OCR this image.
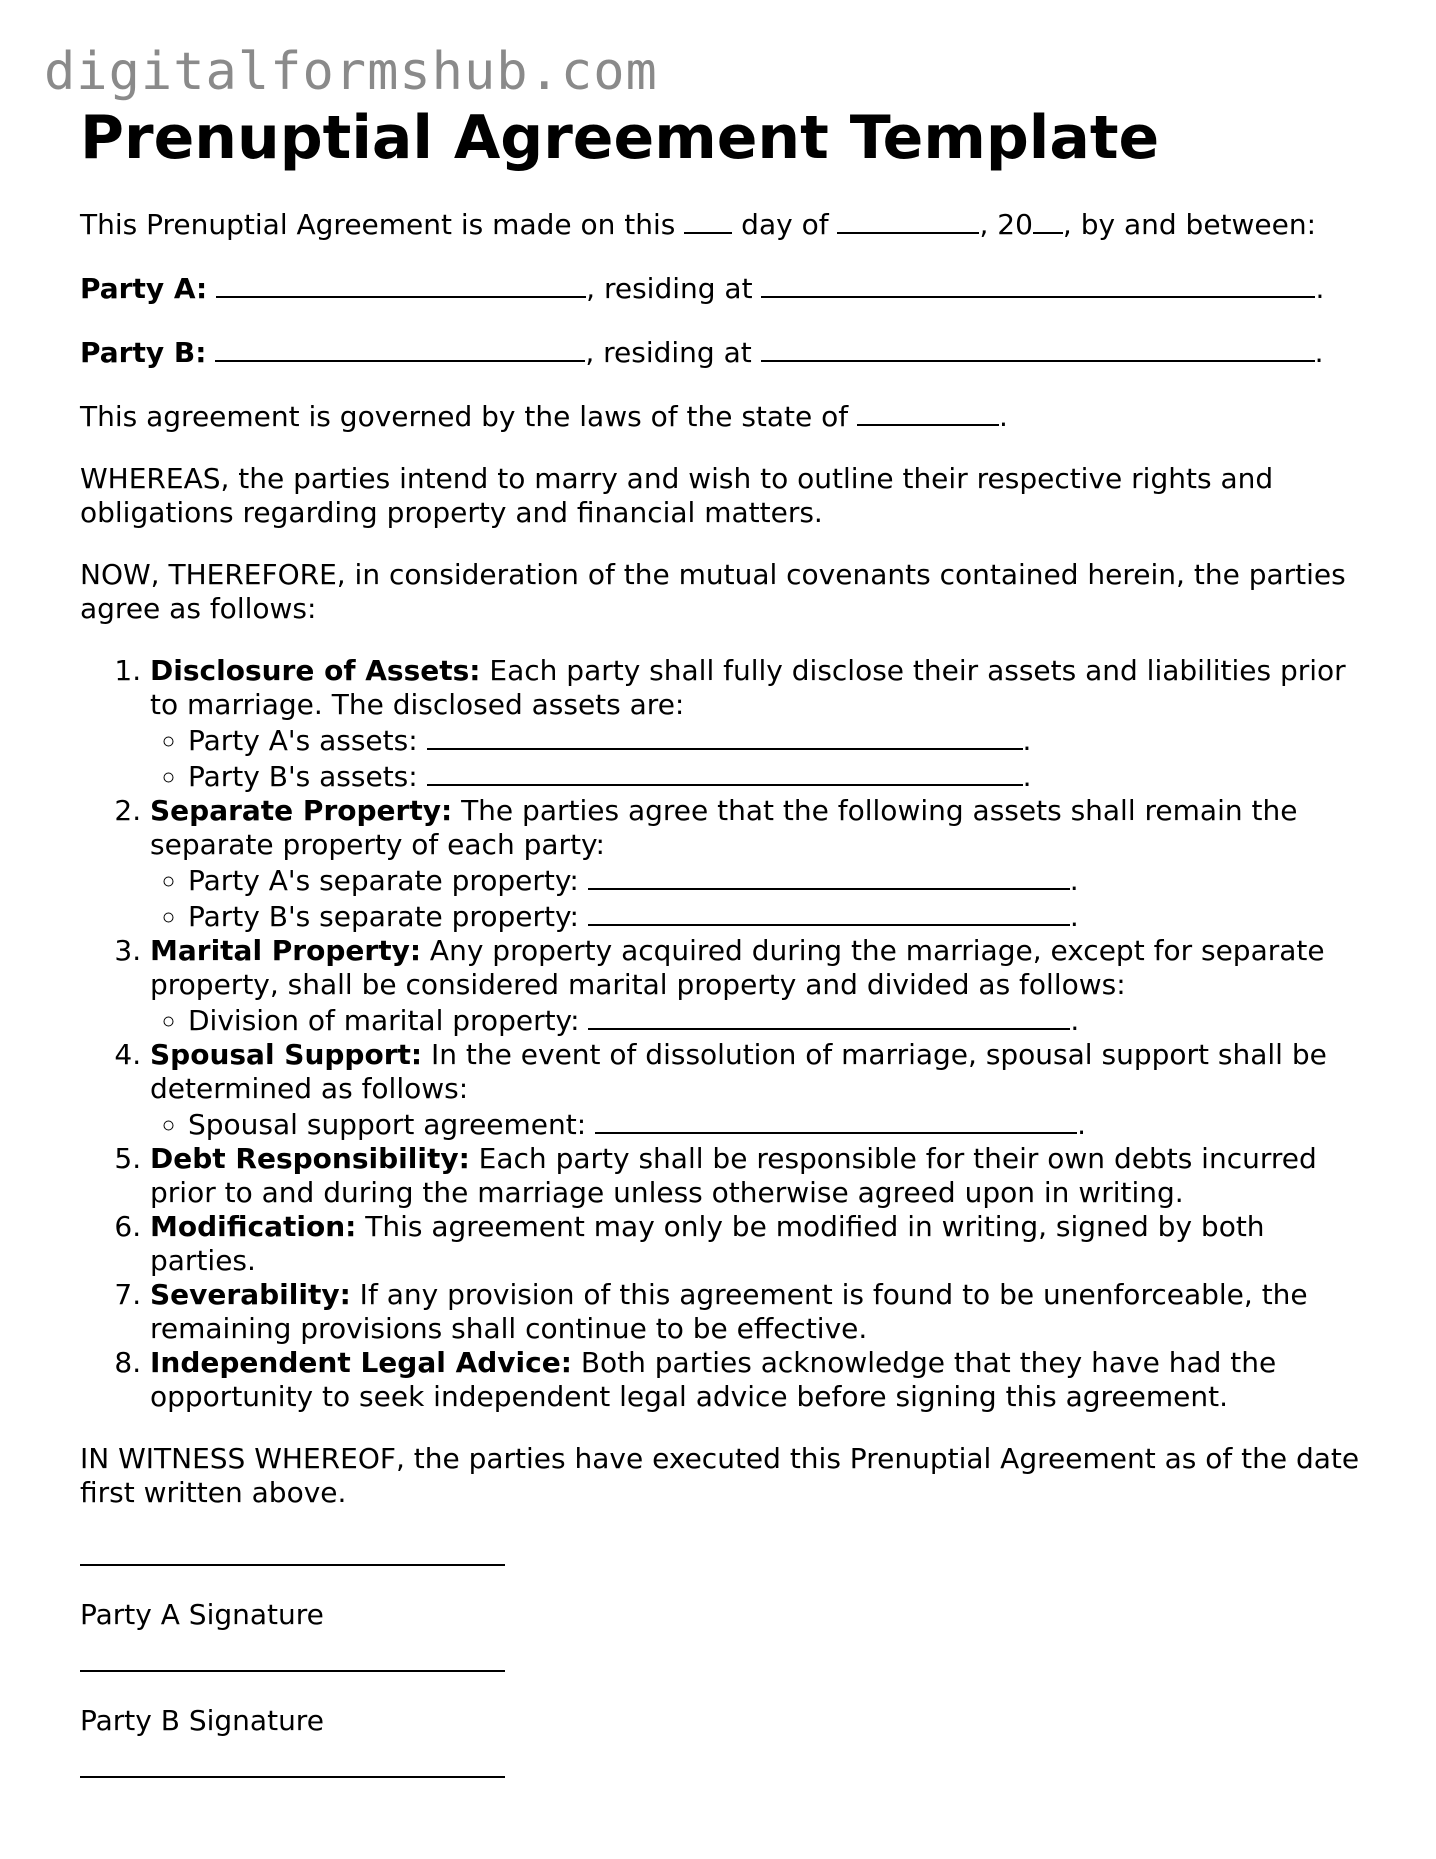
digitalformshub.com
Prenuptial Agreement Template

This Prenuptial Agreement is made on this  day of	, 20 , by and between:

Party A:	, residing at	.

Party B:	, residing at	.

This agreement is governed by the laws of the state of	.

WHEREAS, the parties intend to marry and wish to outline their respective rights and obligations regarding property and financial matters.

NOW, THEREFORE, in consideration of the mutual covenants contained herein, the parties agree as follows:

1. Disclosure of Assets: Each party shall fully disclose their assets and liabilities prior to marriage. The disclosed assets are:
◦ Party A's assets:	.
◦ Party B's assets:	.
2. Separate Property: The parties agree that the following assets shall remain the separate property of each party:
◦ Party A's separate property:	.
◦ Party B's separate property:	.
3. Marital Property: Any property acquired during the marriage, except for separate property, shall be considered marital property and divided as follows:
◦ Division of marital property:	.
4. Spousal Support: In the event of dissolution of marriage, spousal support shall be determined as follows:
◦ Spousal support agreement:	.
5. Debt Responsibility: Each party shall be responsible for their own debts incurred prior to and during the marriage unless otherwise agreed upon in writing.
6. Modification: This agreement may only be modified in writing, signed by both parties.
7. Severability: If any provision of this agreement is found to be unenforceable, the remaining provisions shall continue to be effective.
8. Independent Legal Advice: Both parties acknowledge that they have had the opportunity to seek independent legal advice before signing this agreement.

IN WITNESS WHEREOF, the parties have executed this Prenuptial Agreement as of the date first written above.

Party A Signature
Party B Signature
